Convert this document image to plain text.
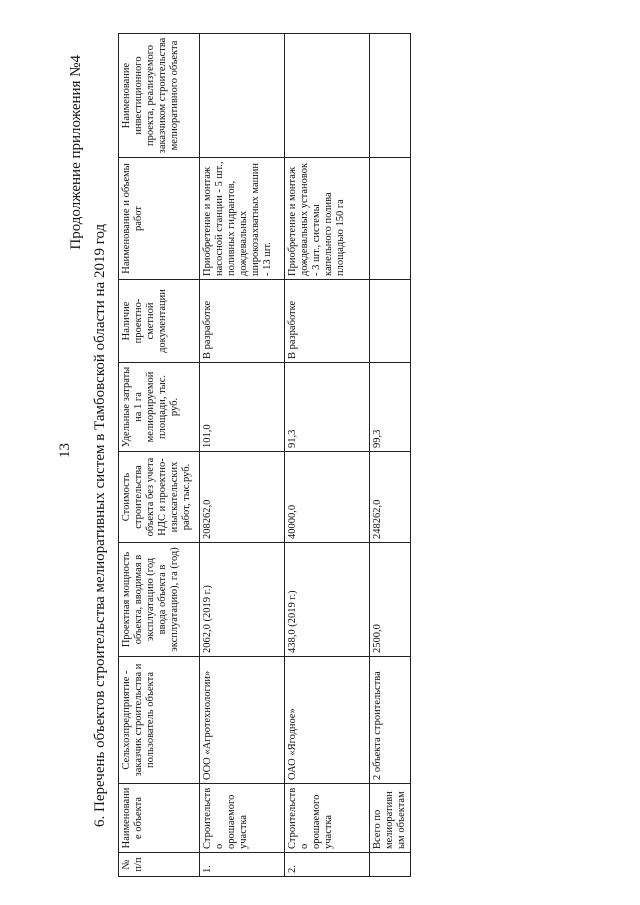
13
Продолжение приложения №4
6. Перечень объектов строительства мелиоративных систем в Тамбовской области на 2019 год
№ п/п	Наименование объекта	Сельхозпредприятие - заказчик строительства и пользователь объекта	Проектная мощность объекта, вводимая в эксплуатацию (год ввода объекта в эксплуатацию), га (год)	Стоимость строительства объекта без учета НДС и проектно-изыскательских работ, тыс.руб.	Удельные затраты на 1 га мелиорируемой площади, тыс. руб.	Наличие проектно-сметной документации	Наименование и объемы работ	Наименование инвестиционного проекта, реализуемого заказчиком строительства мелиоративного объекта
1.	Строительство орошаемого участка	ООО «Агротехнологии»	2062,0 (2019 г.)	208262,0	101,0	В разработке	Приобретение и монтаж насосной станции - 5 шт., поливных гидрантов, дождевальных широкозахватных машин - 13 шт.	
2.	Строительство орошаемого участка	ОАО «Ягодное»	438,0 (2019 г.)	40000,0	91,3	В разработке	Приобретение и монтаж дождевальных установок - 3 шт., системы капельного полива площадью 150 га	
	Всего по мелиоративным объектам	2 объекта строительства	2500,0	248262,0	99,3			
